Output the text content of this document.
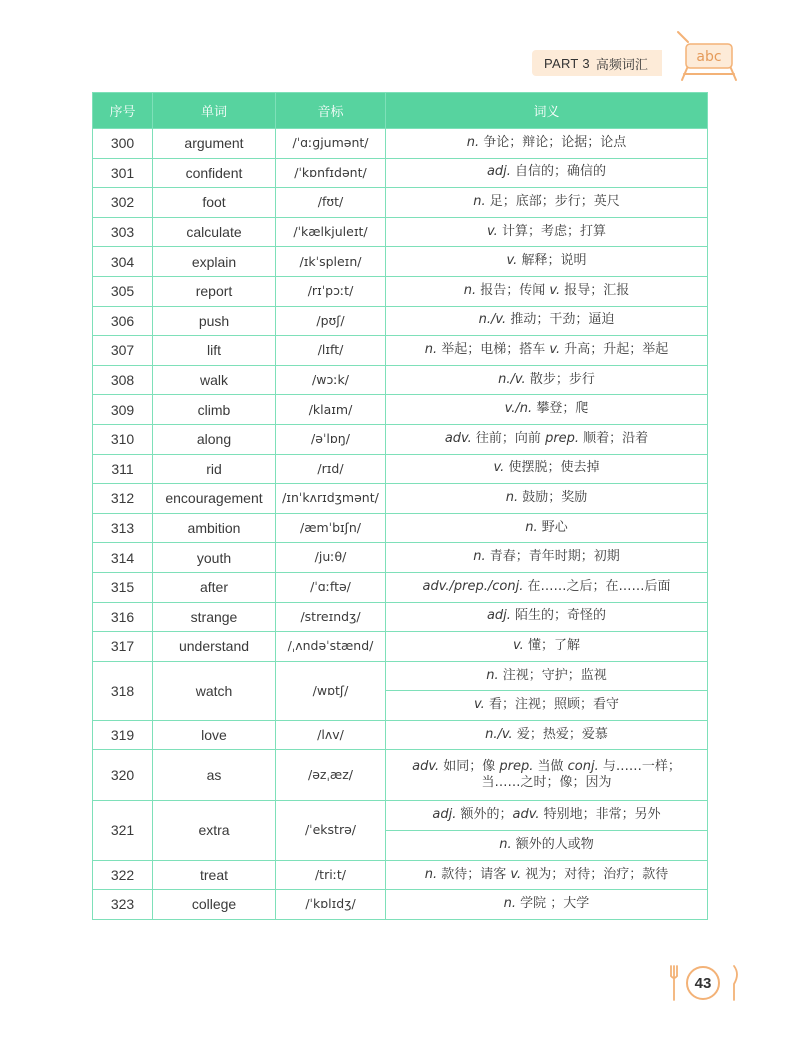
PART 3 高频词汇	abc
序号	单词	音标	词义
300	argument	/ˈɑːɡjumənt/	n. 争论；辩论；论据；论点
301	confident	/ˈkɒnfɪdənt/	adj. 自信的；确信的
302	foot	/fʊt/	n. 足；底部；步行；英尺
303	calculate	/ˈkælkjuleɪt/	v. 计算；考虑；打算
304	explain	/ɪkˈspleɪn/	v. 解释；说明
305	report	/rɪˈpɔːt/	n. 报告；传闻 v. 报导；汇报
306	push	/pʊʃ/	n./v. 推动；干劲；逼迫
307	lift	/lɪft/	n. 举起；电梯；搭车 v. 升高；升起；举起
308	walk	/wɔːk/	n./v. 散步；步行
309	climb	/klaɪm/	v./n. 攀登；爬
310	along	/əˈlɒŋ/	adv. 往前；向前 prep. 顺着；沿着
311	rid	/rɪd/	v. 使摆脱；使去掉
312	encouragement	/ɪnˈkʌrɪdʒmənt/	n. 鼓励；奖励
313	ambition	/æmˈbɪʃn/	n. 野心
314	youth	/juːθ/	n. 青春；青年时期；初期
315	after	/ˈɑːftə/	adv./prep./conj. 在……之后；在……后面
316	strange	/streɪndʒ/	adj. 陌生的；奇怪的
317	understand	/ˌʌndəˈstænd/	v. 懂；了解
318	watch	/wɒtʃ/	n. 注视；守护；监视
			v. 看；注视；照顾；看守
319	love	/lʌv/	n./v. 爱；热爱；爱慕
320	as	/əzˌæz/	adv. 如同；像 prep. 当做 conj. 与……一样；当……之时；像；因为
321	extra	/ˈekstrə/	adj. 额外的；adv. 特别地；非常；另外
			n. 额外的人或物
322	treat	/triːt/	n. 款待；请客 v. 视为；对待；治疗；款待
323	college	/ˈkɒlɪdʒ/	n. 学院 ；大学
43
